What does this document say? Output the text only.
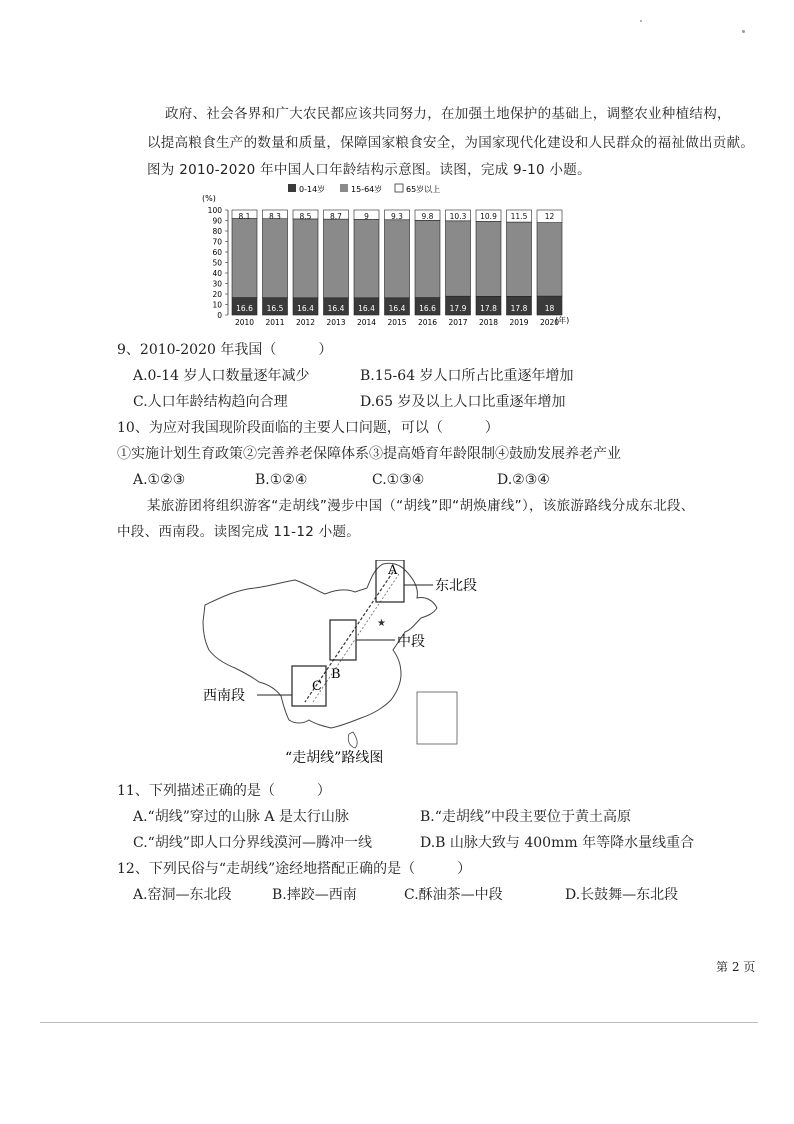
政府、社会各界和广大农民都应该共同努力，在加强土地保护的基础上，调整农业种植结构，
以提高粮食生产的数量和质量，保障国家粮食安全，为国家现代化建设和人民群众的福祉做出贡献。
图为 2010-2020 年中国人口年龄结构示意图。读图，完成 9-10 小题。
0-14岁	15-64岁	65岁以上
(%)
(年)
100
90
80
70
60
50
40
30
20
10
0
8.1
16.6
2010
8.3
16.5
2011
8.5
16.4
2012
8.7
16.4
2013
9
16.4
2014
9.3
16.4
2015
9.8
16.6
2016
10.3
17.9
2017
10.9
17.8
2018
11.5
17.8
2019
12
18
2020
9、2010-2020 年我国（　　　）
A.0-14 岁人口数量逐年减少	B.15-64 岁人口所占比重逐年增加
C.人口年龄结构趋向合理	D.65 岁及以上人口比重逐年增加
10、为应对我国现阶段面临的主要人口问题，可以（　　　）
①实施计划生育政策②完善养老保障体系③提高婚育年龄限制④鼓励发展养老产业
A.①②③	B.①②④	C.①③④	D.②③④
某旅游团将组织游客“走胡线”漫步中国（“胡线”即“胡焕庸线”），该旅游路线分成东北段、
中段、西南段。读图完成 11-12 小题。
★
A
B
C
东北段
中段
西南段
“走胡线”路线图
11、下列描述正确的是（　　　）
A.“胡线”穿过的山脉 A 是太行山脉	B.“走胡线”中段主要位于黄土高原
C.“胡线”即人口分界线漠河—腾冲一线	D.B 山脉大致与 400mm 年等降水量线重合
12、下列民俗与“走胡线”途经地搭配正确的是（　　　）
A.窑洞—东北段	B.摔跤—西南	C.酥油茶—中段	D.长鼓舞—东北段
第 2 页
